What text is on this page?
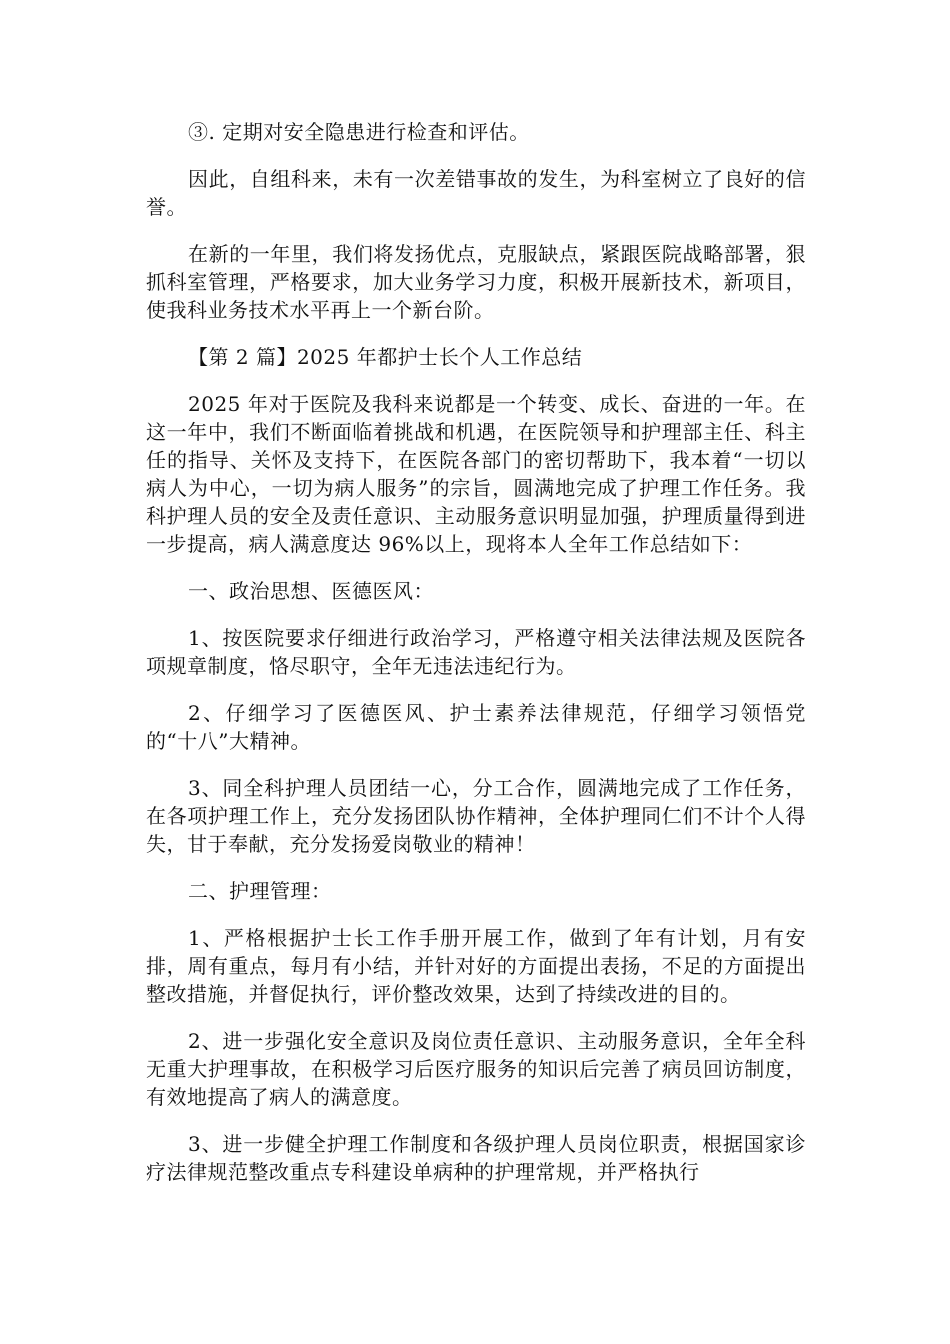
③. 定期对安全隐患进行检查和评估。

因此，自组科来，未有一次差错事故的发生，为科室树立了良好的信誉。

在新的一年里，我们将发扬优点，克服缺点，紧跟医院战略部署，狠抓科室管理，严格要求，加大业务学习力度，积极开展新技术，新项目，使我科业务技术水平再上一个新台阶。

【第 2 篇】2025 年都护士长个人工作总结

2025 年对于医院及我科来说都是一个转变、成长、奋进的一年。在这一年中，我们不断面临着挑战和机遇，在医院领导和护理部主任、科主任的指导、关怀及支持下，在医院各部门的密切帮助下，我本着“一切以病人为中心，一切为病人服务”的宗旨，圆满地完成了护理工作任务。我科护理人员的安全及责任意识、主动服务意识明显加强，护理质量得到进一步提高，病人满意度达 96%以上，现将本人全年工作总结如下：

一、政治思想、医德医风：

1、按医院要求仔细进行政治学习，严格遵守相关法律法规及医院各项规章制度，恪尽职守，全年无违法违纪行为。

2、仔细学习了医德医风、护士素养法律规范，仔细学习领悟党的“十八”大精神。

3、同全科护理人员团结一心，分工合作，圆满地完成了工作任务，在各项护理工作上，充分发扬团队协作精神，全体护理同仁们不计个人得失，甘于奉献，充分发扬爱岗敬业的精神！

二、护理管理：

1、严格根据护士长工作手册开展工作，做到了年有计划，月有安排，周有重点，每月有小结，并针对好的方面提出表扬，不足的方面提出整改措施，并督促执行，评价整改效果，达到了持续改进的目的。

2、进一步强化安全意识及岗位责任意识、主动服务意识，全年全科无重大护理事故，在积极学习后医疗服务的知识后完善了病员回访制度，有效地提高了病人的满意度。

3、进一步健全护理工作制度和各级护理人员岗位职责，根据国家诊疗法律规范整改重点专科建设单病种的护理常规，并严格执行
